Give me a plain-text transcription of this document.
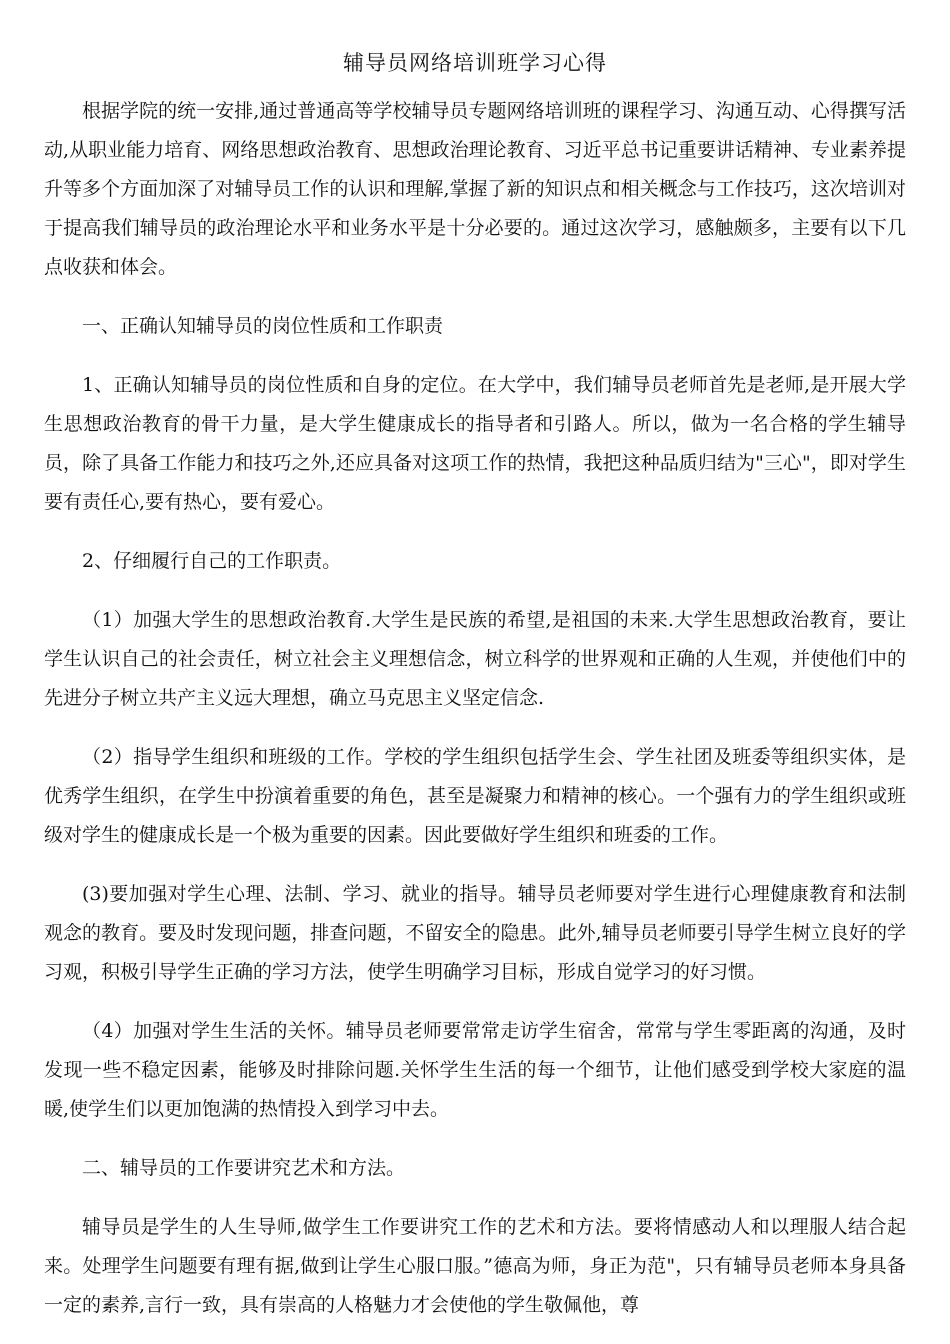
辅导员网络培训班学习心得

根据学院的统一安排,通过普通高等学校辅导员专题网络培训班的课程学习、沟通互动、心得撰写活动,从职业能力培育、网络思想政治教育、思想政治理论教育、习近平总书记重要讲话精神、专业素养提升等多个方面加深了对辅导员工作的认识和理解,掌握了新的知识点和相关概念与工作技巧，这次培训对于提高我们辅导员的政治理论水平和业务水平是十分必要的。通过这次学习，感触颇多，主要有以下几点收获和体会。

一、正确认知辅导员的岗位性质和工作职责

1、正确认知辅导员的岗位性质和自身的定位。在大学中，我们辅导员老师首先是老师,是开展大学生思想政治教育的骨干力量，是大学生健康成长的指导者和引路人。所以，做为一名合格的学生辅导员，除了具备工作能力和技巧之外,还应具备对这项工作的热情，我把这种品质归结为"三心"，即对学生要有责任心,要有热心，要有爱心。

2、仔细履行自己的工作职责。

（1）加强大学生的思想政治教育.大学生是民族的希望,是祖国的未来.大学生思想政治教育，要让学生认识自己的社会责任，树立社会主义理想信念，树立科学的世界观和正确的人生观，并使他们中的先进分子树立共产主义远大理想，确立马克思主义坚定信念.

（2）指导学生组织和班级的工作。学校的学生组织包括学生会、学生社团及班委等组织实体，是优秀学生组织，在学生中扮演着重要的角色，甚至是凝聚力和精神的核心。一个强有力的学生组织或班级对学生的健康成长是一个极为重要的因素。因此要做好学生组织和班委的工作。

(3)要加强对学生心理、法制、学习、就业的指导。辅导员老师要对学生进行心理健康教育和法制观念的教育。要及时发现问题，排查问题，不留安全的隐患。此外,辅导员老师要引导学生树立良好的学习观，积极引导学生正确的学习方法，使学生明确学习目标，形成自觉学习的好习惯。

（4）加强对学生生活的关怀。辅导员老师要常常走访学生宿舍，常常与学生零距离的沟通，及时发现一些不稳定因素，能够及时排除问题.关怀学生生活的每一个细节，让他们感受到学校大家庭的温暖,使学生们以更加饱满的热情投入到学习中去。

二、辅导员的工作要讲究艺术和方法。

辅导员是学生的人生导师,做学生工作要讲究工作的艺术和方法。要将情感动人和以理服人结合起来。处理学生问题要有理有据,做到让学生心服口服。”德高为师，身正为范"，只有辅导员老师本身具备一定的素养,言行一致，具有崇高的人格魅力才会使他的学生敬佩他，尊
